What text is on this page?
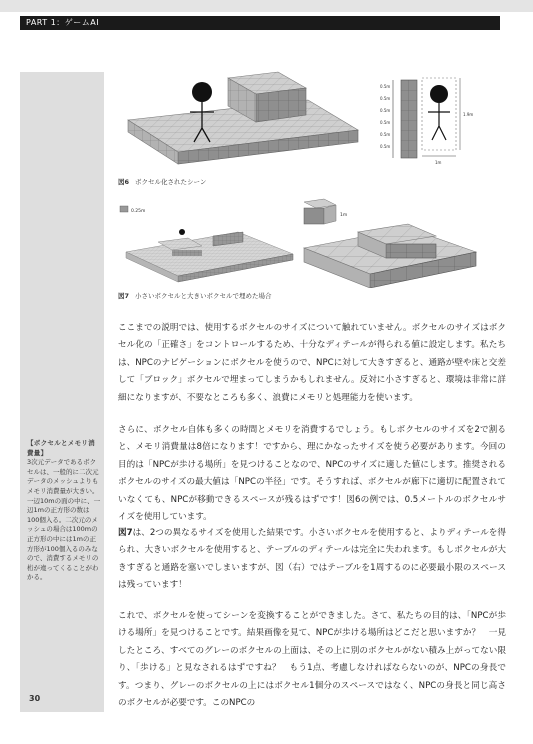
PART 1：ゲームAI
0.5m
0.5m
0.5m
0.5m
0.5m
0.5m
1.9m
1m
図6 ボクセル化されたシーン
0.25m
1m
図7 小さいボクセルと大きいボクセルで埋めた場合

ここまでの説明では、使用するボクセルのサイズについて触れていません。ボクセルのサイズはボクセル化の「正確さ」をコントロールするため、十分なディテールが得られる値に設定します。私たちは、NPCのナビゲーションにボクセルを使うので、NPCに対して大きすぎると、通路が壁や床と交差して「ブロック」ボクセルで埋まってしまうかもしれません。反対に小さすぎると、環境は非常に詳細になりますが、不要なところも多く、浪費にメモリと処理能力を使います。

さらに、ボクセル自体も多くの時間とメモリを消費するでしょう。もしボクセルのサイズを2で割ると、メモリ消費量は8倍になります！ですから、理にかなったサイズを使う必要があります。今回の目的は「NPCが歩ける場所」を見つけることなので、NPCのサイズに適した値にします。推奨されるボクセルのサイズの最大値は「NPCの半径」です。そうすれば、ボクセルが廊下に適切に配置されていなくても、NPCが移動できるスペースが残るはずです！図6の例では、0.5メートルのボクセルサイズを使用しています。

図7は、2つの異なるサイズを使用した結果です。小さいボクセルを使用すると、よりディテールを得られ、大きいボクセルを使用すると、テーブルのディテールは完全に失われます。もしボクセルが大きすぎると通路を塞いでしまいますが、図（右）ではテーブルを1周するのに必要最小限のスペースは残っています！

これで、ボクセルを使ってシーンを変換することができました。さて、私たちの目的は、「NPCが歩ける場所」を見つけることです。結果画像を見て、NPCが歩ける場所はどこだと思いますか？　一見したところ、すべてのグレーのボクセルの上面は、その上に別のボクセルがない積み上がってない限り、「歩ける」と見なされるはずですね？　もう1点、考慮しなければならないのが、NPCの身長です。つまり、グレーのボクセルの上にはボクセル1個分のスペースではなく、NPCの身長と同じ高さのボクセルが必要です。このNPCの

【ボクセルとメモリ消費量】
3次元データであるボクセルは、一般的に二次元データのメッシュよりもメモリ消費量が大きい。一辺10mの面の中に、一辺1mの正方形の数は100個入る。二次元のメッシュの場合は100mの正方形の中には1mの正方形が100個入るのみなので、消費するメモリの桁が違ってくることがわかる。
30
